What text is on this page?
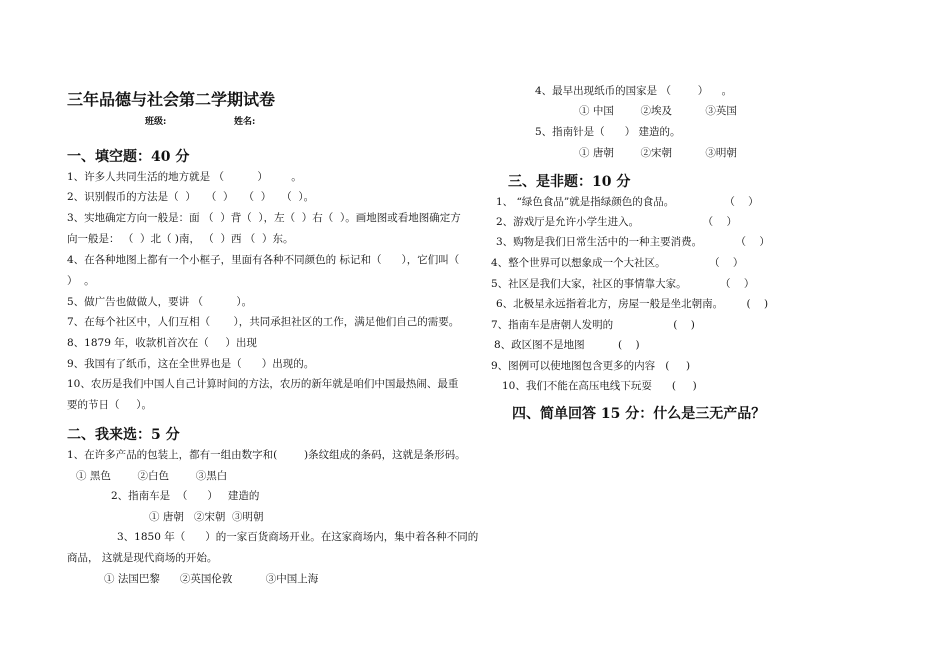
三年品德与社会第二学期试卷
班级:	姓名:
一、填空题：40 分
1、许多人共同生活的地方就是 （          ）       。
2、识别假币的方法是（  ）   （  ）   （  ）   （  ）。
3、实地确定方向一般是：面 （  ）背（  ），左（  ）右（  ）。画地图或看地图确定方
向一般是： （  ）北（ )南， （  ）西 （  ）东。
4、在各种地图上都有一个小框子，里面有各种不同颜色的 标记和（      ），它们叫（
）  。
5、做广告也做做人，要讲 （          ）。
7、在每个社区中，人们互相（       ），共同承担社区的工作，满足他们自己的需要。
8、1879 年，收款机首次在（     ）出现
9、我国有了纸币，这在全世界也是（      ）出现的。
10、农历是我们中国人自己计算时间的方法，农历的新年就是咱们中国最热闹、最重
要的节日（     ）。
二、我来选：5 分
1、在许多产品的包装上，都有一组由数字和(        )条纹组成的条码，这就是条形码。
① 黑色        ②白色        ③黑白
2、指南车是  （      ）   建造的
① 唐朝   ②宋朝  ③明朝
3、1850 年（      ）的一家百货商场开业。在这家商场内，集中着各种不同的
商品， 这就是现代商场的开始。
① 法国巴黎      ②英国伦敦          ③中国上海
4、最早出现纸币的国家是 （        ）    。
① 中国        ②埃及          ③英国
5、指南针是（      ） 建造的。
① 唐朝        ②宋朝          ③明朝
三、是非题：10 分
1、 “绿色食品”就是指绿颜色的食品。               （    ）
2、游戏厅是允许小学生进入。                   （    ）
3、购物是我们日常生活中的一种主要消费。          （    ）
4、整个世界可以想象成一个大社区。             （    ）
5、社区是我们大家，社区的事情靠大家。          （    ）
6、北极星永远指着北方，房屋一般是坐北朝南。       (    )
7、指南车是唐朝人发明的                  (    )
8、政区图不是地图          (    )
9、图例可以使地图包含更多的内容   (     )
10、我们不能在高压电线下玩耍      (     )
四、简单回答 15 分：什么是三无产品？
